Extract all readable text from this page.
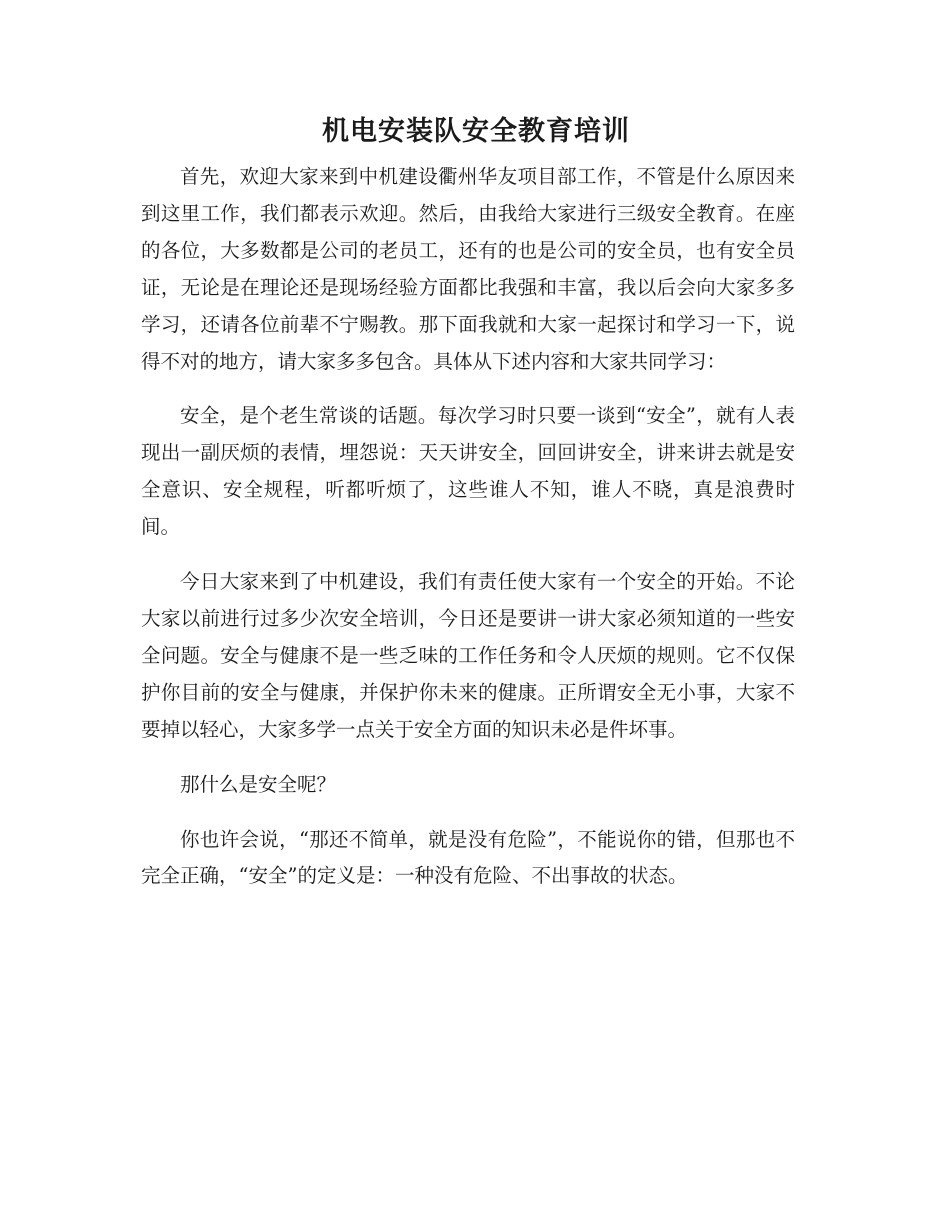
机电安装队安全教育培训

首先，欢迎大家来到中机建设衢州华友项目部工作，不管是什么原因来到这里工作，我们都表示欢迎。然后，由我给大家进行三级安全教育。在座的各位，大多数都是公司的老员工，还有的也是公司的安全员，也有安全员证，无论是在理论还是现场经验方面都比我强和丰富，我以后会向大家多多学习，还请各位前辈不宁赐教。那下面我就和大家一起探讨和学习一下，说得不对的地方，请大家多多包含。具体从下述内容和大家共同学习：

安全，是个老生常谈的话题。每次学习时只要一谈到“安全”，就有人表现出一副厌烦的表情，埋怨说：天天讲安全，回回讲安全，讲来讲去就是安全意识、安全规程，听都听烦了，这些谁人不知，谁人不晓，真是浪费时间。

今日大家来到了中机建设，我们有责任使大家有一个安全的开始。不论大家以前进行过多少次安全培训，今日还是要讲一讲大家必须知道的一些安全问题。安全与健康不是一些乏味的工作任务和令人厌烦的规则。它不仅保护你目前的安全与健康，并保护你未来的健康。正所谓安全无小事，大家不要掉以轻心，大家多学一点关于安全方面的知识未必是件坏事。

那什么是安全呢？

你也许会说，“那还不简单，就是没有危险”，不能说你的错，但那也不完全正确，“安全”的定义是：一种没有危险、不出事故的状态。
